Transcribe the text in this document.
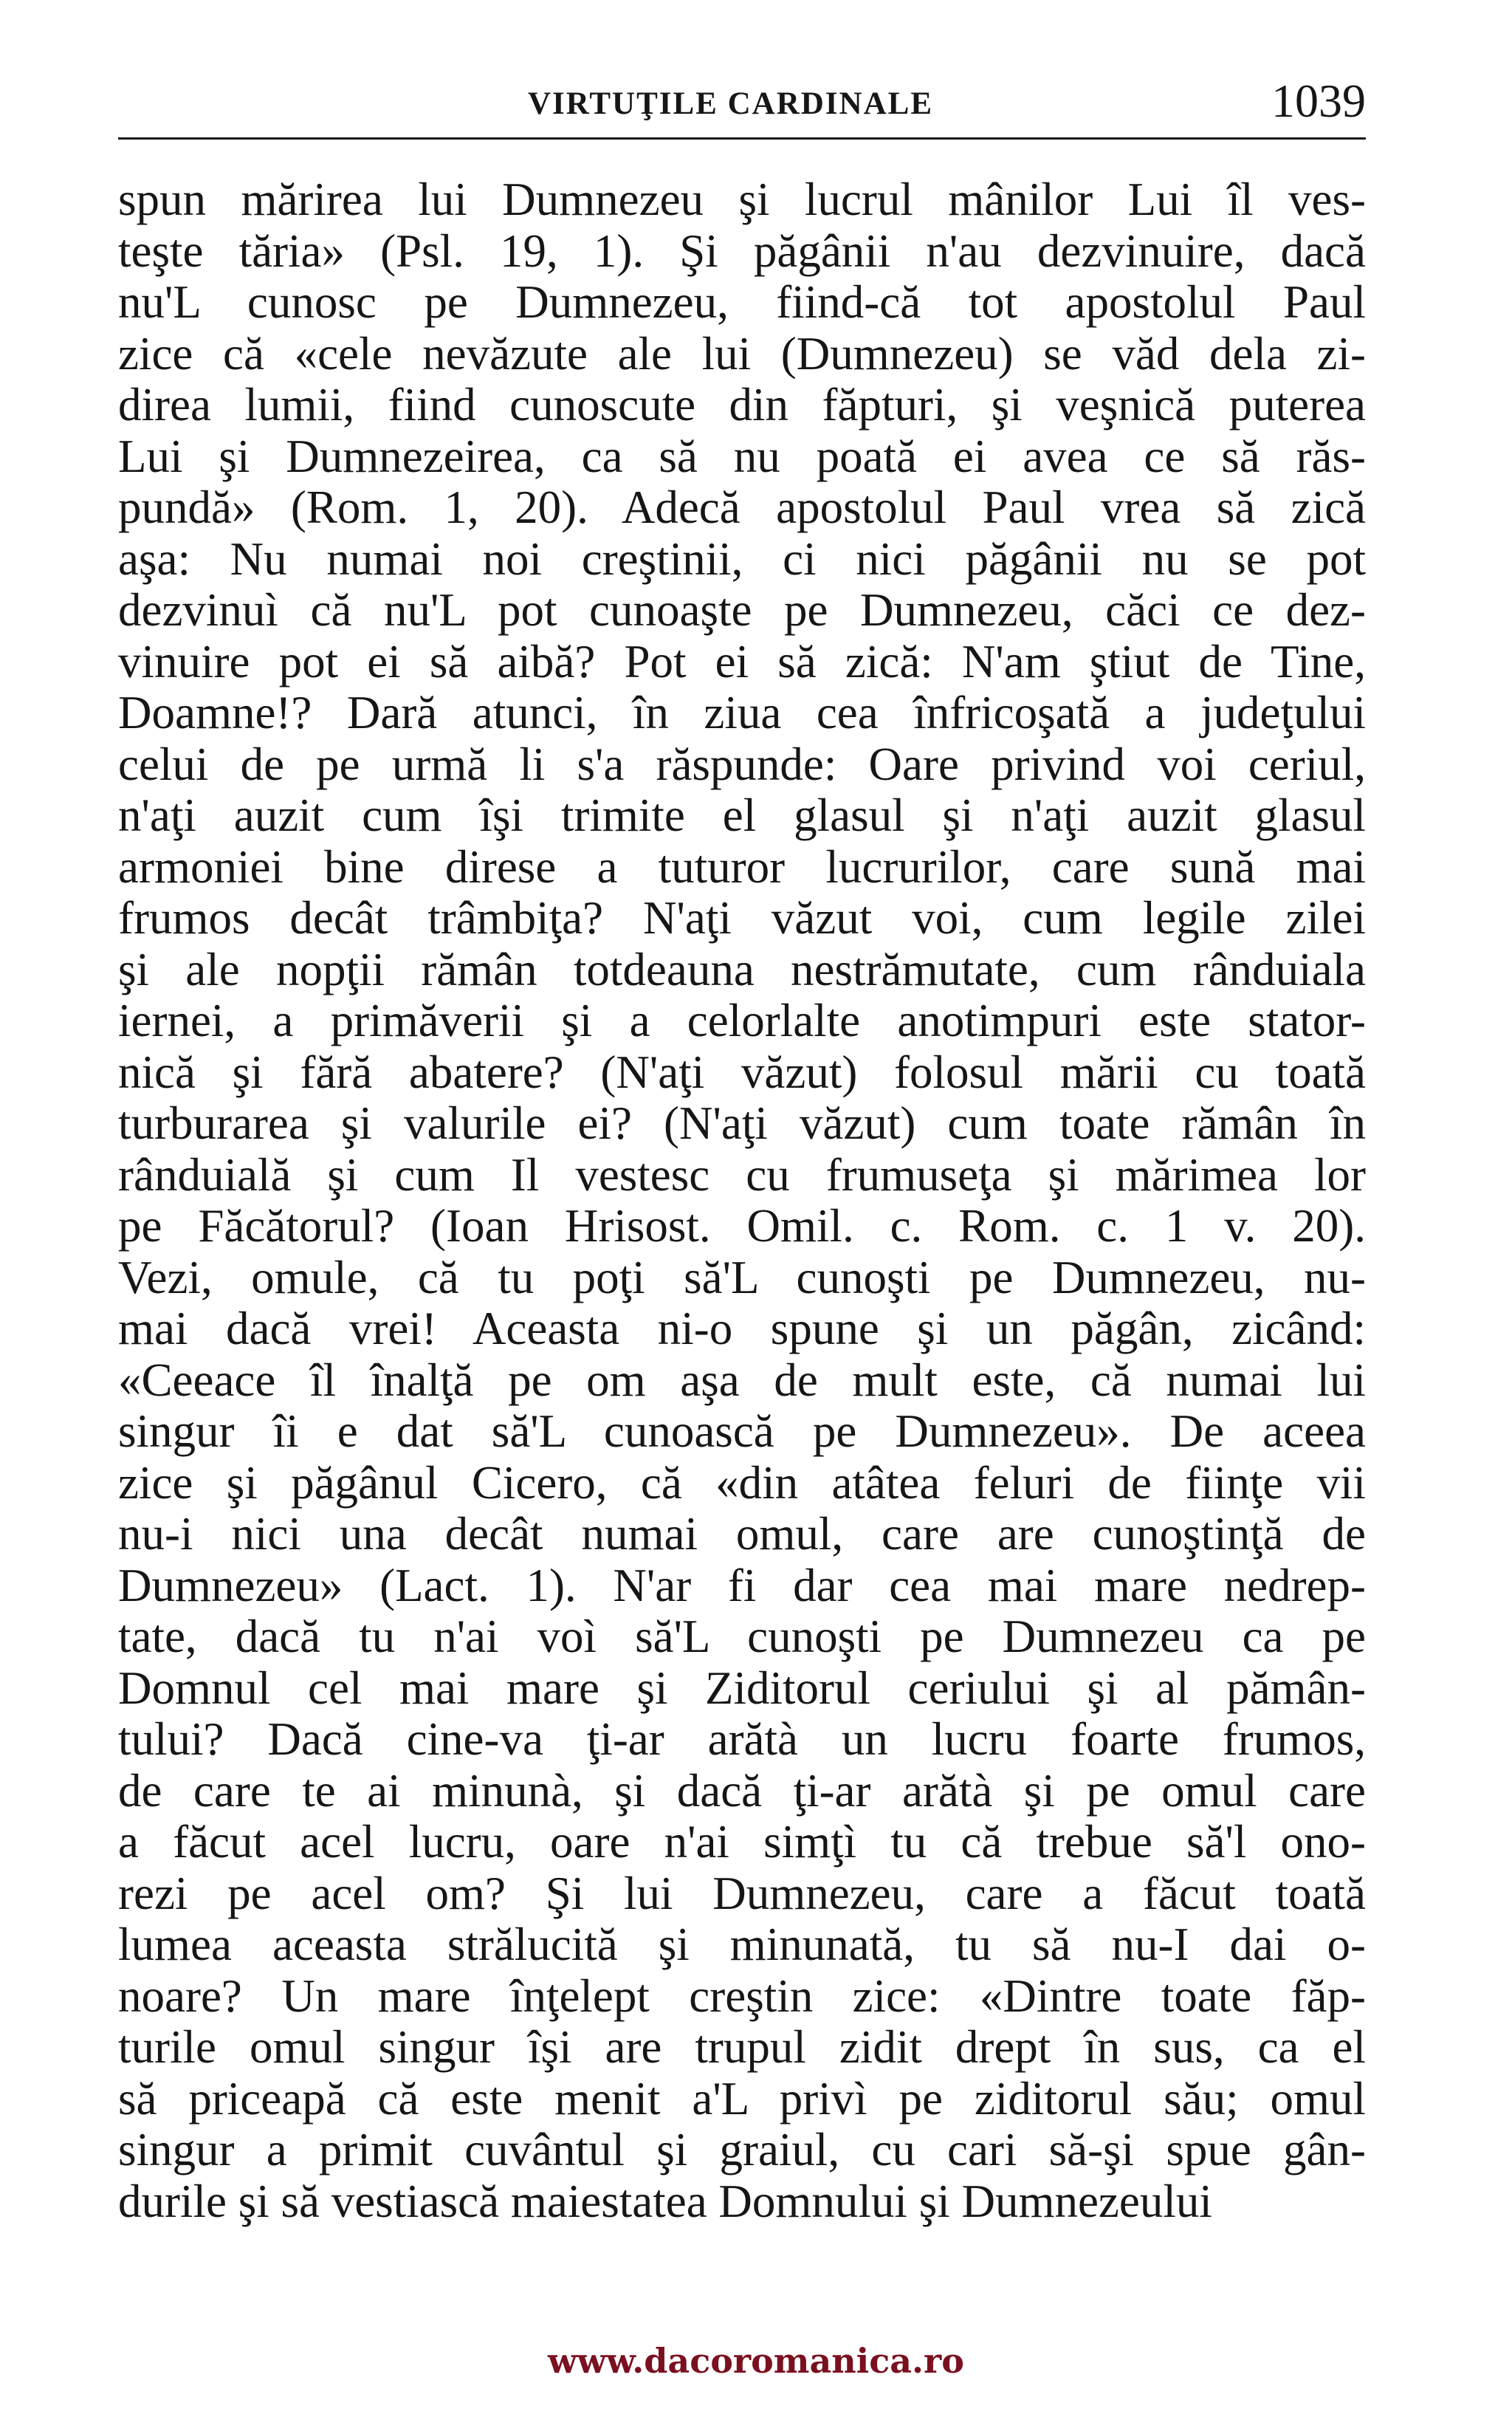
VIRTUŢILE CARDINALE	1039
spun mărirea lui Dumnezeu şi lucrul mânilor Lui îl ves-
teşte tăria» (Psl. 19, 1). Şi păgânii n'au dezvinuire, dacă
nu'L cunosc pe Dumnezeu, fiind-că tot apostolul Paul
zice că «cele nevăzute ale lui (Dumnezeu) se văd dela zi-
direa lumii, fiind cunoscute din făpturi, şi veşnică puterea
Lui şi Dumnezeirea, ca să nu poată ei avea ce să răs-
pundă» (Rom. 1, 20). Adecă apostolul Paul vrea să zică
aşa: Nu numai noi creştinii, ci nici păgânii nu se pot
dezvinuì că nu'L pot cunoaşte pe Dumnezeu, căci ce dez-
vinuire pot ei să aibă? Pot ei să zică: N'am ştiut de Tine,
Doamne!? Dară atunci, în ziua cea înfricoşată a judeţului
celui de pe urmă li s'a răspunde: Oare privind voi ceriul,
n'aţi auzit cum îşi trimite el glasul şi n'aţi auzit glasul
armoniei bine direse a tuturor lucrurilor, care sună mai
frumos decât trâmbiţa? N'aţi văzut voi, cum legile zilei
şi ale nopţii rămân totdeauna nestrămutate, cum rânduiala
iernei, a primăverii şi a celorlalte anotimpuri este stator-
nică şi fără abatere? (N'aţi văzut) folosul mării cu toată
turburarea şi valurile ei? (N'aţi văzut) cum toate rămân în
rânduială şi cum Il vestesc cu frumuseţa şi mărimea lor
pe Făcătorul? (Ioan Hrisost. Omil. c. Rom. c. 1 v. 20).
Vezi, omule, că tu poţi să'L cunoşti pe Dumnezeu, nu-
mai dacă vrei! Aceasta ni-o spune şi un păgân, zicând:
«Ceeace îl înalţă pe om aşa de mult este, că numai lui
singur îi e dat să'L cunoască pe Dumnezeu». De aceea
zice şi păgânul Cicero, că «din atâtea feluri de fiinţe vii
nu-i nici una decât numai omul, care are cunoştinţă de
Dumnezeu» (Lact. 1). N'ar fi dar cea mai mare nedrep-
tate, dacă tu n'ai voì să'L cunoşti pe Dumnezeu ca pe
Domnul cel mai mare şi Ziditorul ceriului şi al pămân-
tului? Dacă cine-va ţi-ar arătà un lucru foarte frumos,
de care te ai minunà, şi dacă ţi-ar arătà şi pe omul care
a făcut acel lucru, oare n'ai simţì tu că trebue să'l ono-
rezi pe acel om? Şi lui Dumnezeu, care a făcut toată
lumea aceasta strălucită şi minunată, tu să nu-I dai o-
noare? Un mare înţelept creştin zice: «Dintre toate făp-
turile omul singur îşi are trupul zidit drept în sus, ca el
să priceapă că este menit a'L privì pe ziditorul său; omul
singur a primit cuvântul şi graiul, cu cari să-şi spue gân-
durile şi să vestiască maiestatea Domnului şi Dumnezeului
www.dacoromanica.ro
